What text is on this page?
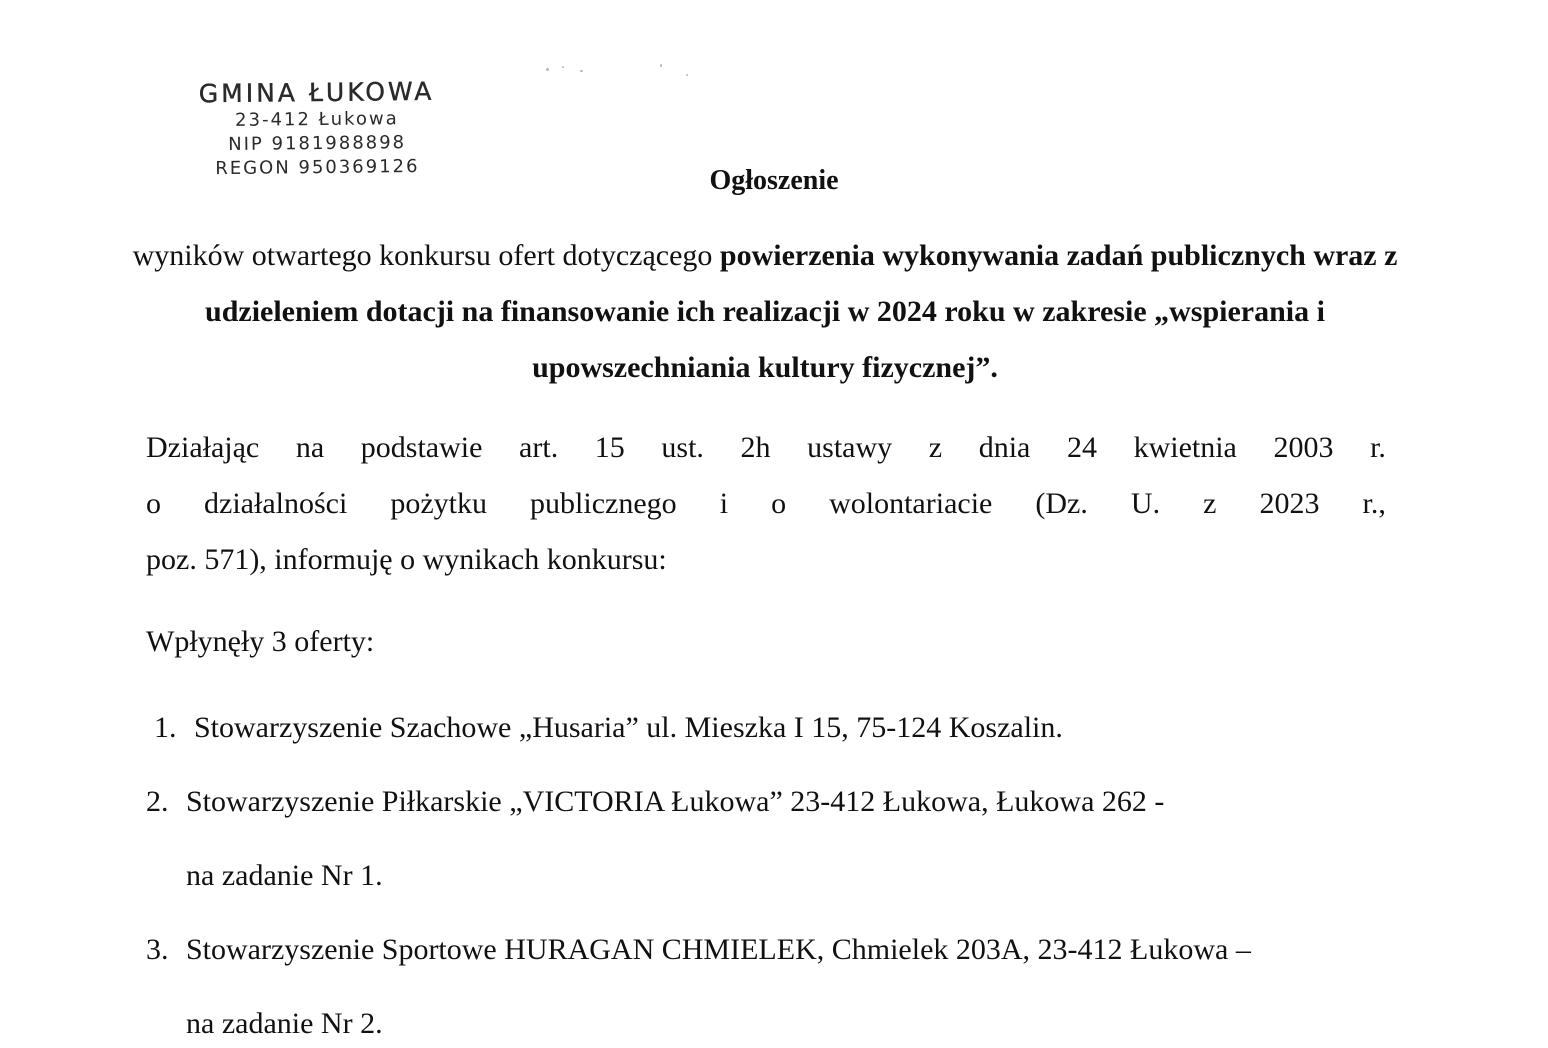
GMINA ŁUKOWA
23-412 Łukowa
NIP 9181988898
REGON 950369126	Ogłoszenie
wyników otwartego konkursu ofert dotyczącego powierzenia wykonywania zadań publicznych wraz z udzieleniem dotacji na finansowanie ich realizacji w 2024 roku w zakresie „wspierania i upowszechniania kultury fizycznej”.
Działając na podstawie art. 15 ust. 2h ustawy z dnia 24 kwietnia 2003 r.
o działalności pożytku publicznego i o wolontariacie (Dz. U. z 2023 r.,
poz. 571), informuję o wynikach konkursu:
Wpłynęły 3 oferty:
1. Stowarzyszenie Szachowe „Husaria” ul. Mieszka I 15, 75-124 Koszalin.
2. Stowarzyszenie Piłkarskie „VICTORIA Łukowa” 23-412 Łukowa, Łukowa 262 -
na zadanie Nr 1.
3. Stowarzyszenie Sportowe HURAGAN CHMIELEK, Chmielek 203A, 23-412 Łukowa –
na zadanie Nr 2.
